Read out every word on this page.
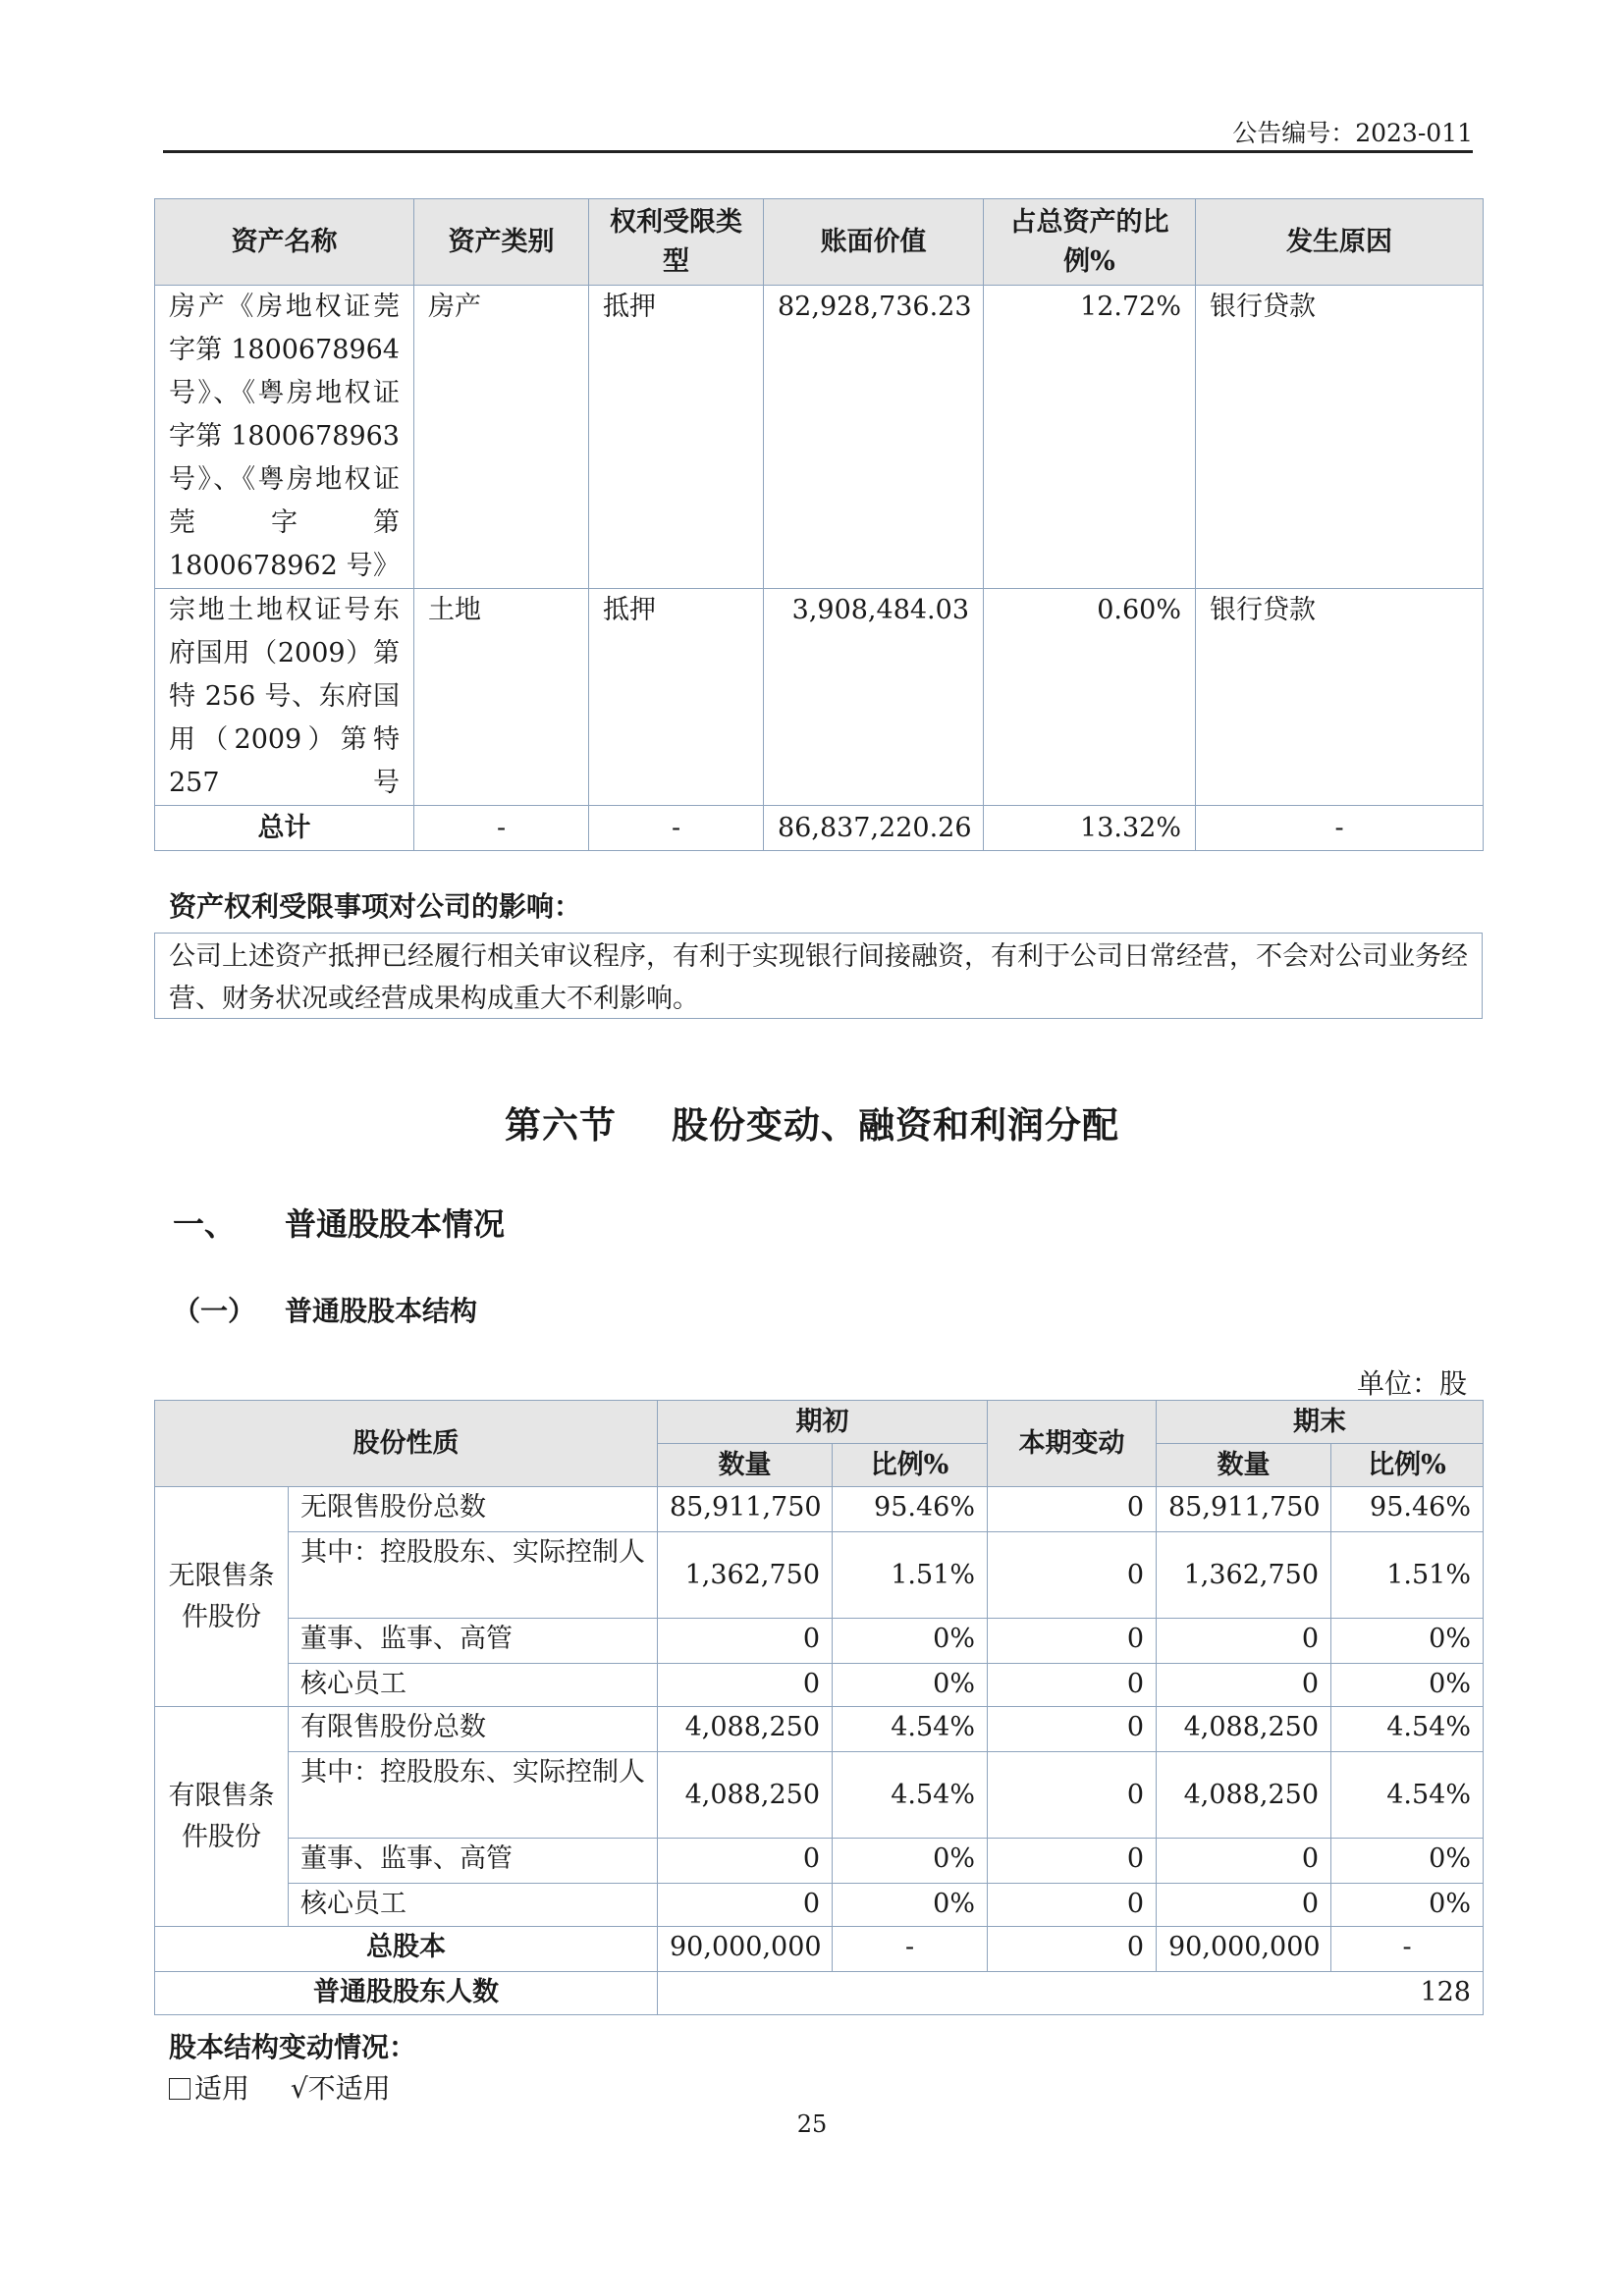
公告编号：2023-011
资产名称	资产类别	权利受限类型	账面价值	占总资产的比例%	发生原因
房产《房地权证莞字第 1800678964 号》、《粤房地权证字第 1800678963 号》、《粤房地权证莞字第 1800678962 号》	房产	抵押	82,928,736.23	12.72%	银行贷款
宗地土地权证号东府国用（2009）第特 256 号、东府国用（2009）第特 257 号	土地	抵押	3,908,484.03	0.60%	银行贷款
总计	-	-	86,837,220.26	13.32%	-
资产权利受限事项对公司的影响：
公司上述资产抵押已经履行相关审议程序，有利于实现银行间接融资，有利于公司日常经营，不会对公司业务经营、财务状况或经营成果构成重大不利影响。
第六节 股份变动、融资和利润分配
一、 普通股股本情况
（一） 普通股股本结构
单位：股
股份性质		期初		本期变动	期末	
		数量	比例%		数量	比例%
无限售条件股份	无限售股份总数	85,911,750	95.46%	0	85,911,750	95.46%
	其中：控股股东、实际控制人	1,362,750	1.51%	0	1,362,750	1.51%
	董事、监事、高管	0	0%	0	0	0%
	核心员工	0	0%	0	0	0%
有限售条件股份	有限售股份总数	4,088,250	4.54%	0	4,088,250	4.54%
	其中：控股股东、实际控制人	4,088,250	4.54%	0	4,088,250	4.54%
	董事、监事、高管	0	0%	0	0	0%
	核心员工	0	0%	0	0	0%
总股本		90,000,000	-	0	90,000,000	-
普通股股东人数		128				
股本结构变动情况：
适用 √不适用
25
